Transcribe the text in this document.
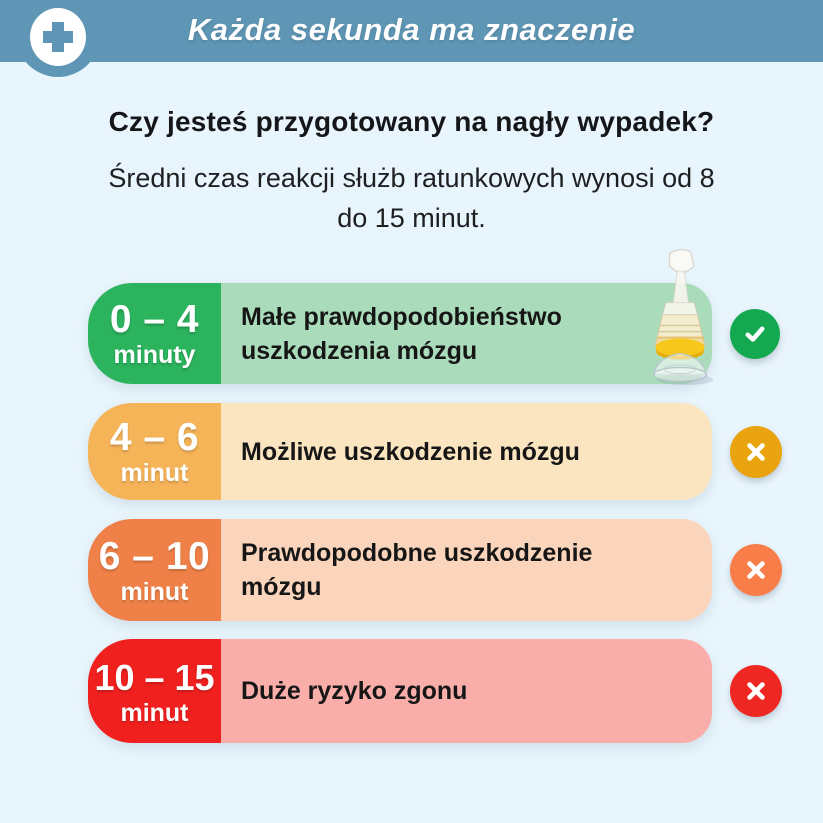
Każda sekunda ma znaczenie
Czy jesteś przygotowany na nagły wypadek?
Średni czas reakcji służb ratunkowych wynosi od 8
do 15 minut.
0 – 4
minuty
Małe prawdopodobieństwo uszkodzenia mózgu
4 – 6
minut
Możliwe uszkodzenie mózgu
6 – 10
minut
Prawdopodobne uszkodzenie mózgu
10 – 15
minut
Duże ryzyko zgonu
